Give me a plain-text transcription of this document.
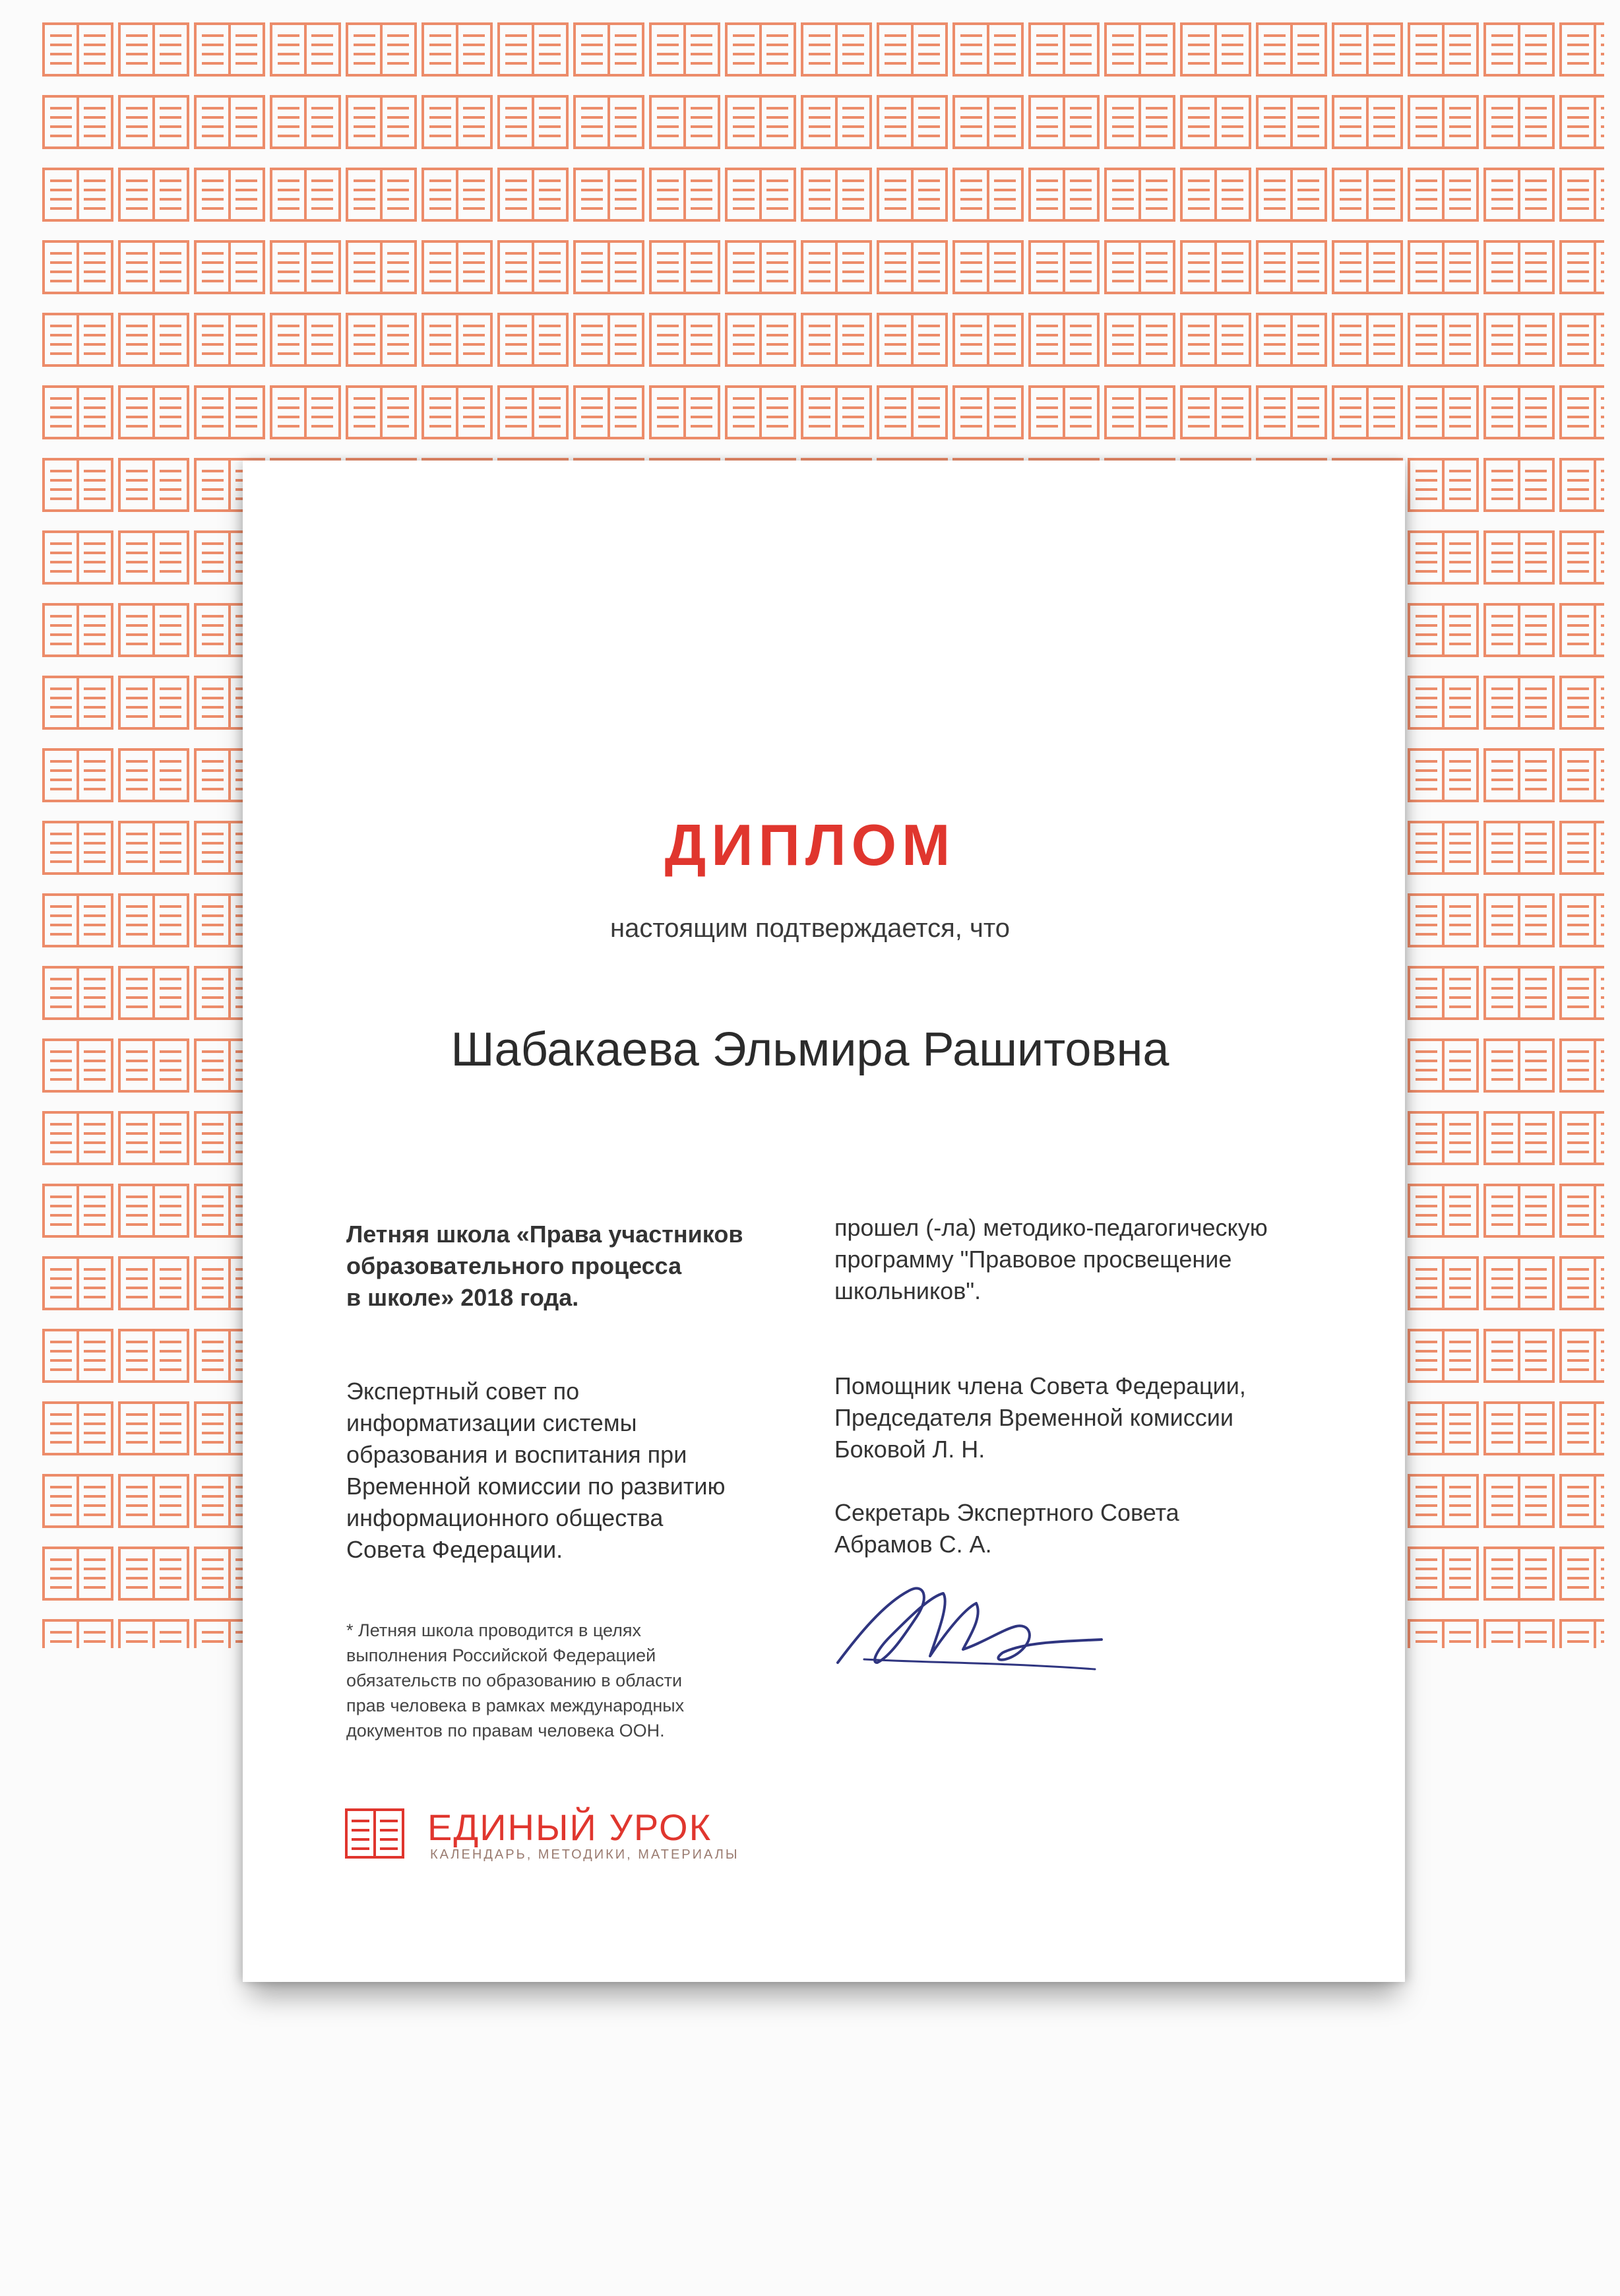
ДИПЛОМ
настоящим подтверждается, что
Шабакаева Эльмира Рашитовна
Летняя школа «Права участников
образовательного процесса
в школе» 2018 года.
Экспертный совет по
информатизации системы
образования и воспитания при
Временной комиссии по развитию
информационного общества
Совета Федерации.
* Летняя школа проводится в целях
выполнения Российской Федерацией
обязательств по образованию в области
прав человека в рамках международных
документов по правам человека ООН.
прошел (-ла) методико-педагогическую
программу "Правовое просвещение
школьников".
Помощник члена Совета Федерации,
Председателя Временной комиссии
Боковой Л. Н.
Секретарь Экспертного Совета
Абрамов С. А.
ЕДИНЫЙ УРОК
КАЛЕНДАРЬ, МЕТОДИКИ, МАТЕРИАЛЫ
